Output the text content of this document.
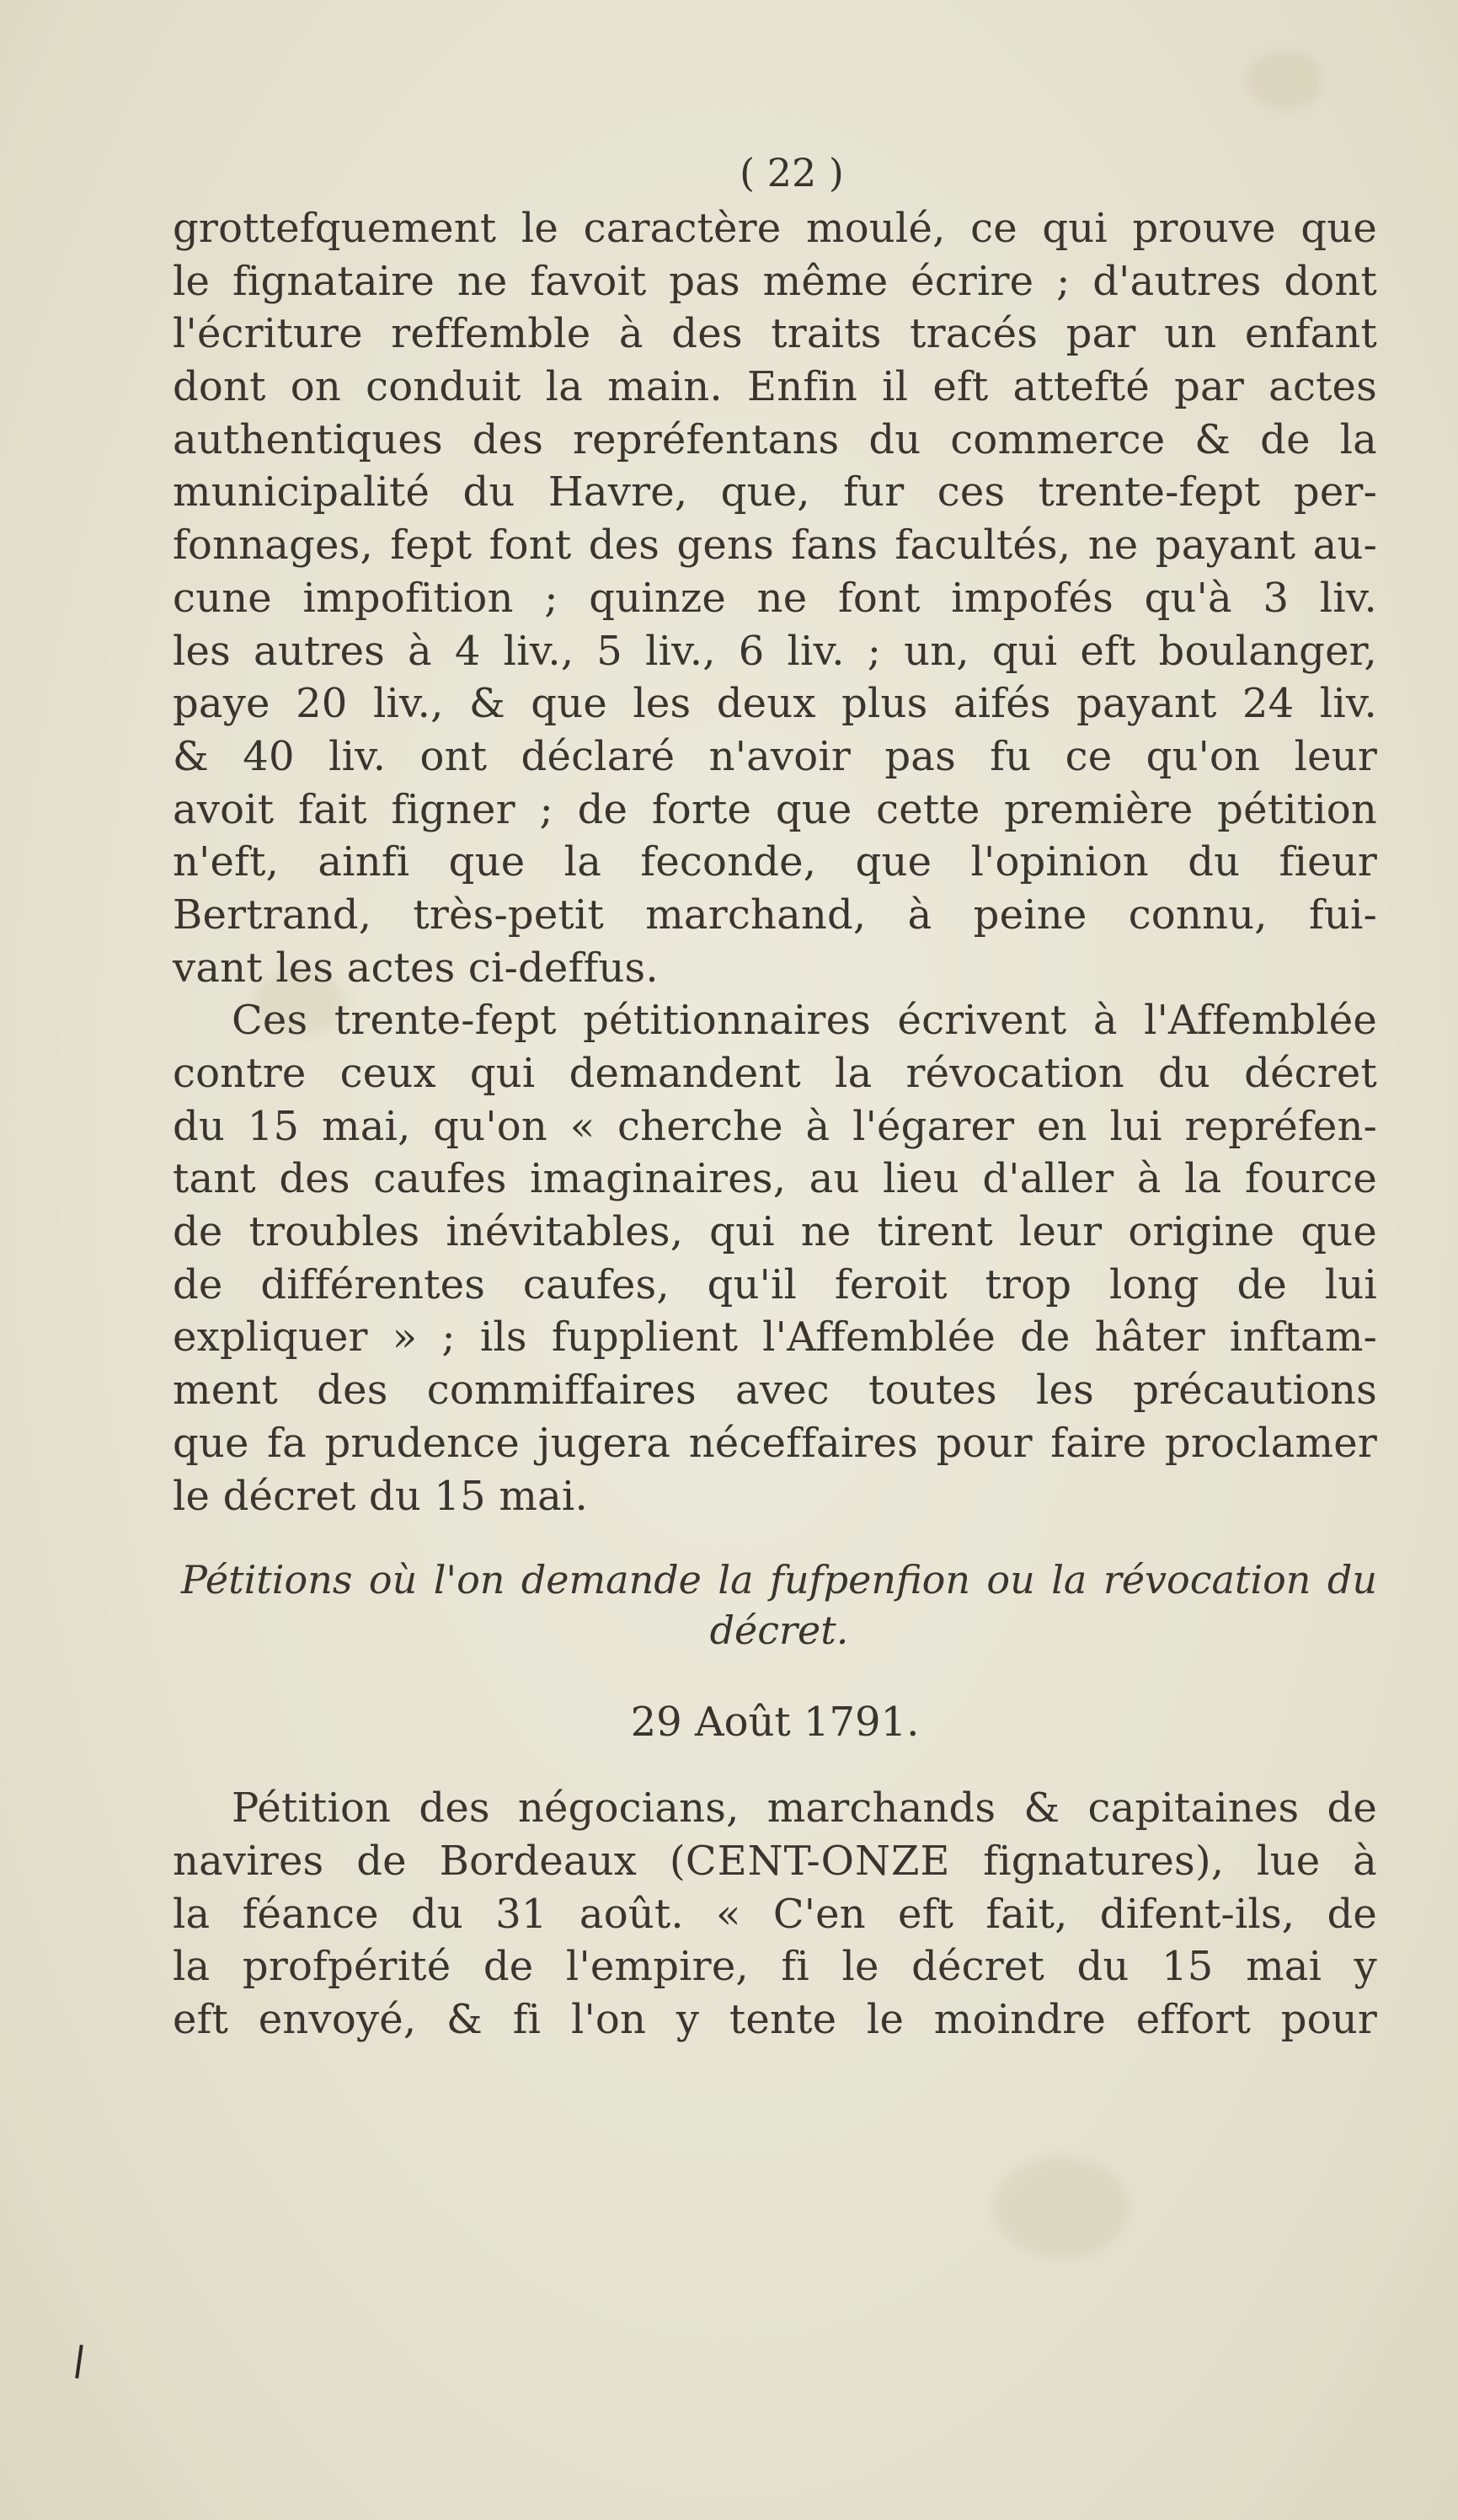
( 22 )
grottefquement le caractère moulé, ce qui prouve que
le fignataire ne favoit pas même écrire ; d'autres dont
l'écriture reffemble à des traits tracés par un enfant
dont on conduit la main. Enfin il eft attefté par actes
authentiques des repréfentans du commerce & de la
municipalité du Havre, que, fur ces trente-fept per-
fonnages, fept font des gens fans facultés, ne payant au-
cune impofition ; quinze ne font impofés qu'à 3 liv.
les autres à 4 liv., 5 liv., 6 liv. ; un, qui eft boulanger,
paye 20 liv., & que les deux plus aifés payant 24 liv.
& 40 liv. ont déclaré n'avoir pas fu ce qu'on leur
avoit fait figner ; de forte que cette première pétition
n'eft, ainfi que la feconde, que l'opinion du fieur
Bertrand, très-petit marchand, à peine connu, fui-
vant les actes ci-deffus.
Ces trente-fept pétitionnaires écrivent à l'Affemblée
contre ceux qui demandent la révocation du décret
du 15 mai, qu'on « cherche à l'égarer en lui repréfen-
tant des caufes imaginaires, au lieu d'aller à la fource
de troubles inévitables, qui ne tirent leur origine que
de différentes caufes, qu'il feroit trop long de lui
expliquer » ; ils fupplient l'Affemblée de hâter inftam-
ment des commiffaires avec toutes les précautions
que fa prudence jugera néceffaires pour faire proclamer
le décret du 15 mai.
Pétitions où l'on demande la fufpenfion ou la révocation du
décret.
29 Août 1791.
Pétition des négocians, marchands & capitaines de
navires de Bordeaux (CENT-ONZE fignatures), lue à
la féance du 31 août. « C'en eft fait, difent-ils, de
la profpérité de l'empire, fi le décret du 15 mai y
eft envoyé, & fi l'on y tente le moindre effort pour
